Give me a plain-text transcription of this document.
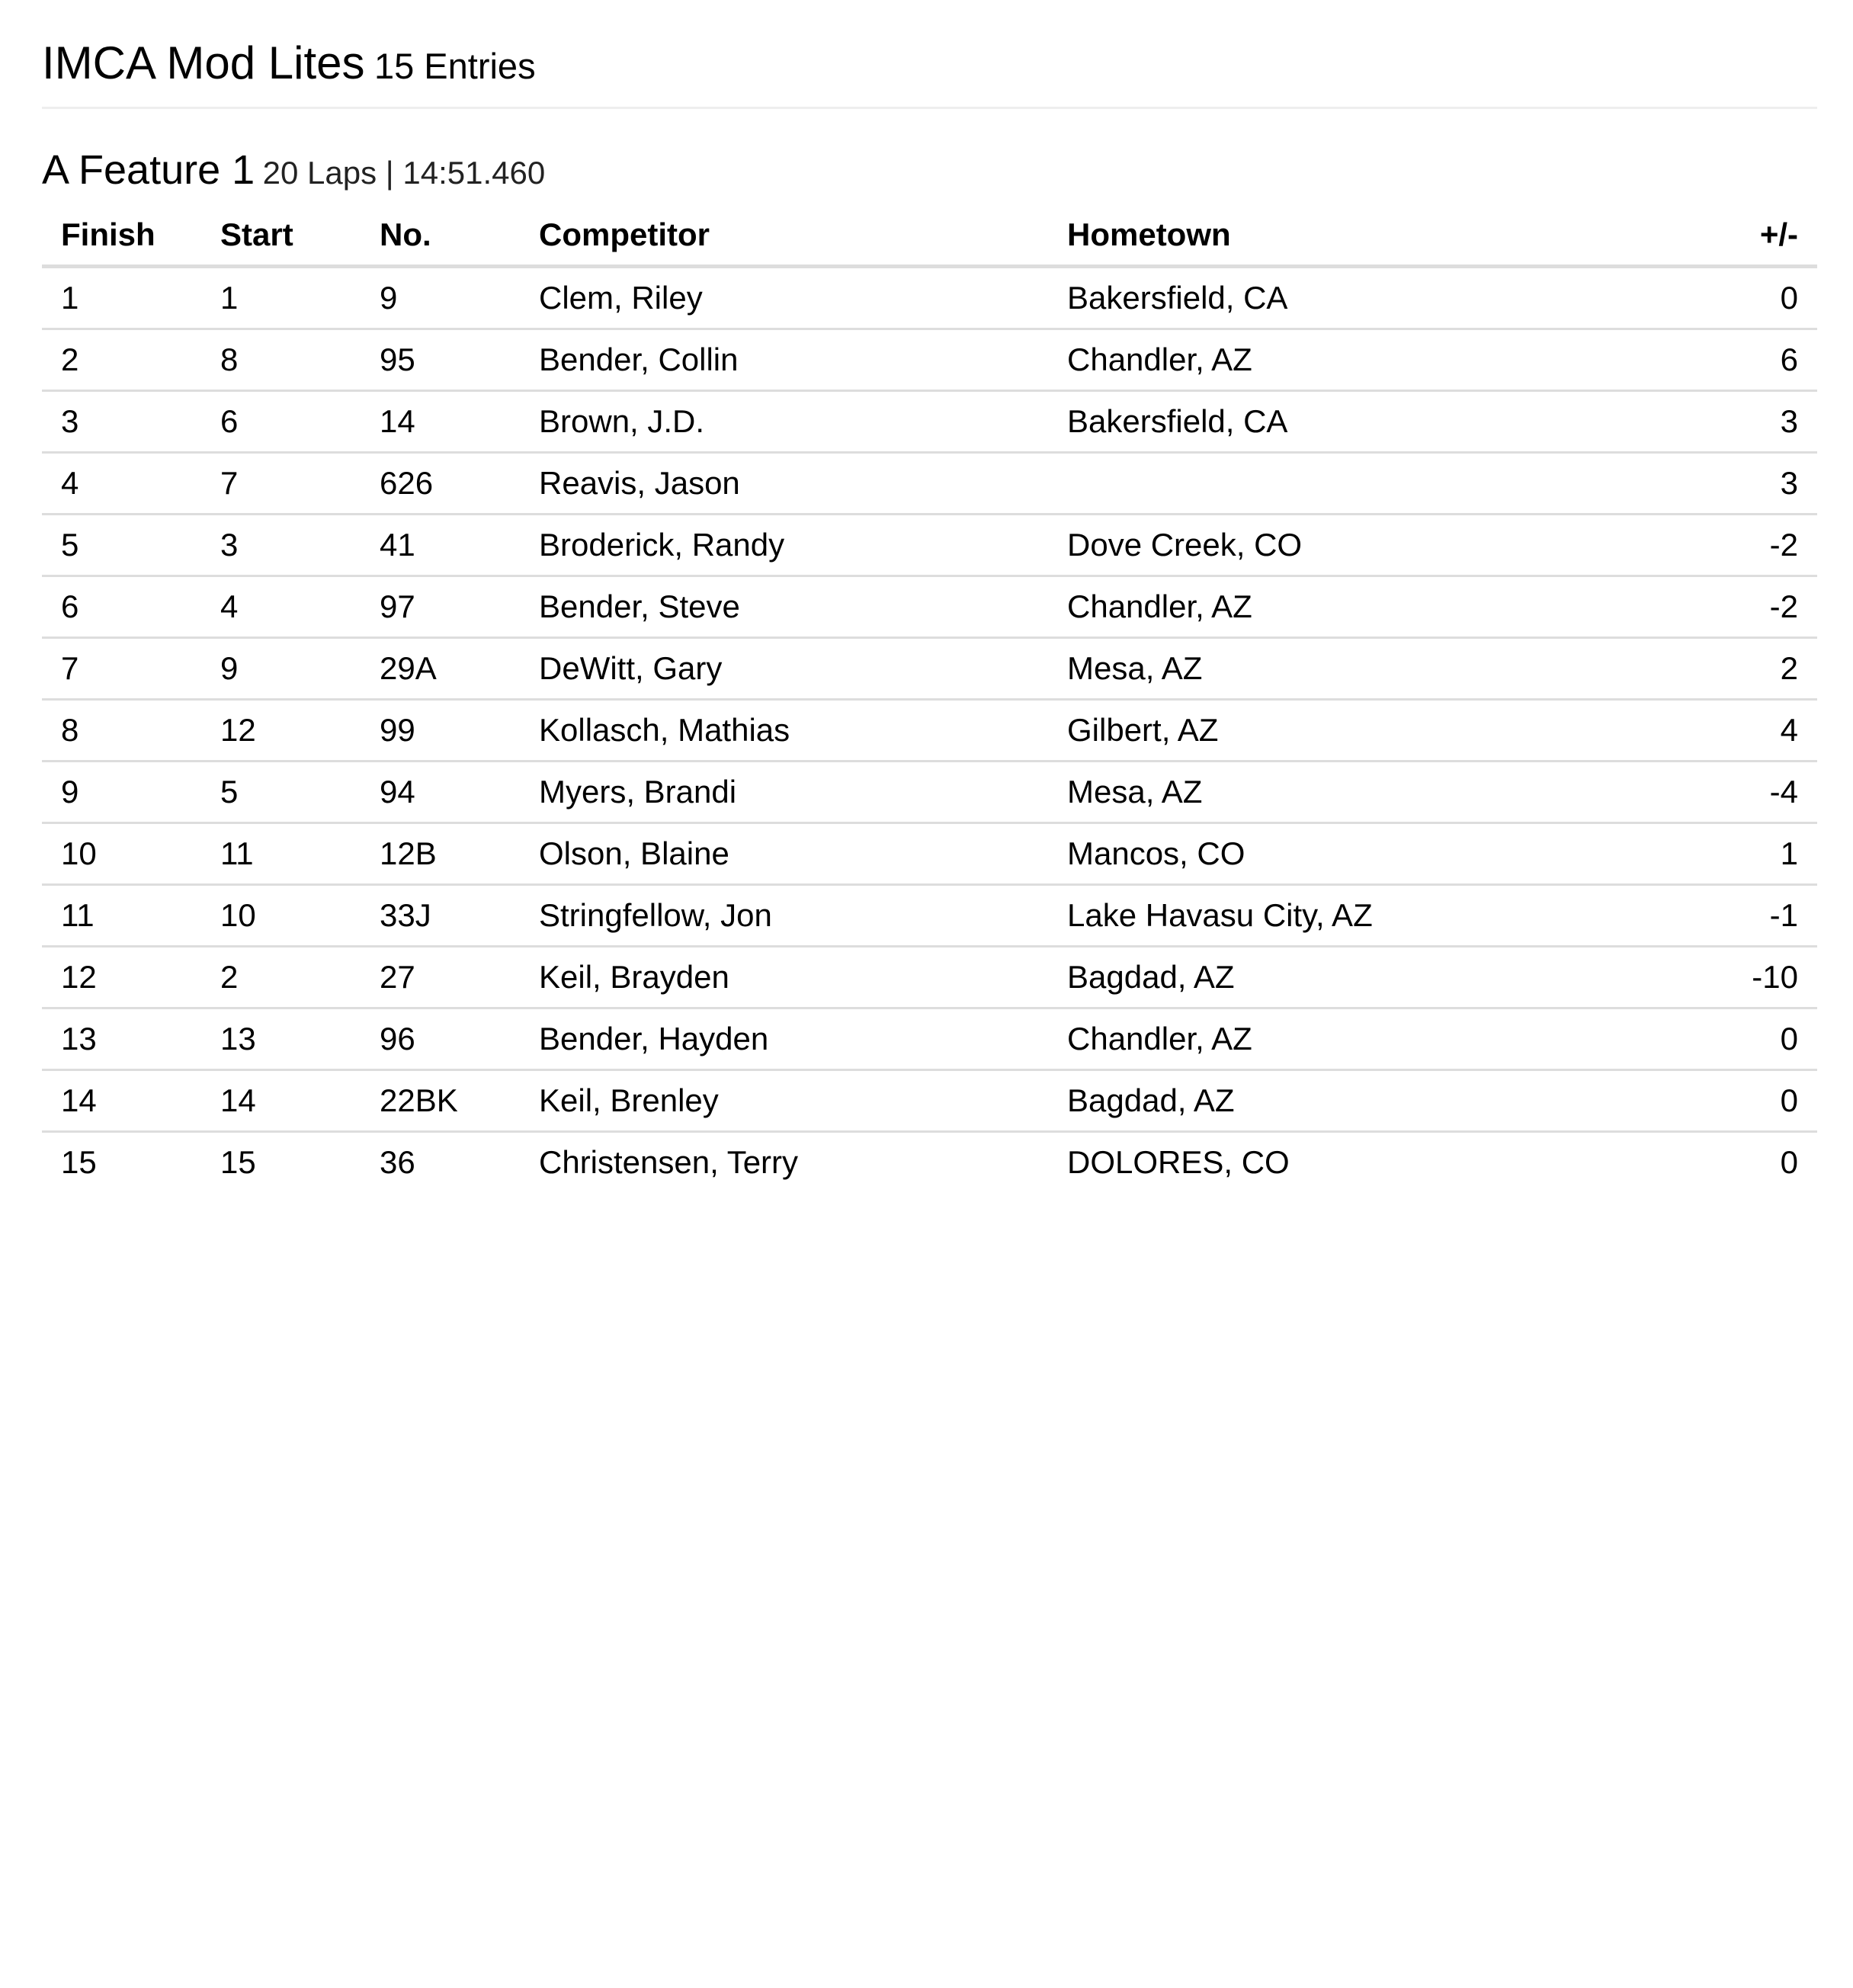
IMCA Mod Lites 15 Entries
A Feature 1 20 Laps | 14:51.460
Finish	Start	No.	Competitor	Hometown	+/-
1	1	9	Clem, Riley	Bakersfield, CA	0
2	8	95	Bender, Collin	Chandler, AZ	6
3	6	14	Brown, J.D.	Bakersfield, CA	3
4	7	626	Reavis, Jason		3
5	3	41	Broderick, Randy	Dove Creek, CO	-2
6	4	97	Bender, Steve	Chandler, AZ	-2
7	9	29A	DeWitt, Gary	Mesa, AZ	2
8	12	99	Kollasch, Mathias	Gilbert, AZ	4
9	5	94	Myers, Brandi	Mesa, AZ	-4
10	11	12B	Olson, Blaine	Mancos, CO	1
11	10	33J	Stringfellow, Jon	Lake Havasu City, AZ	-1
12	2	27	Keil, Brayden	Bagdad, AZ	-10
13	13	96	Bender, Hayden	Chandler, AZ	0
14	14	22BK	Keil, Brenley	Bagdad, AZ	0
15	15	36	Christensen, Terry	DOLORES, CO	0
